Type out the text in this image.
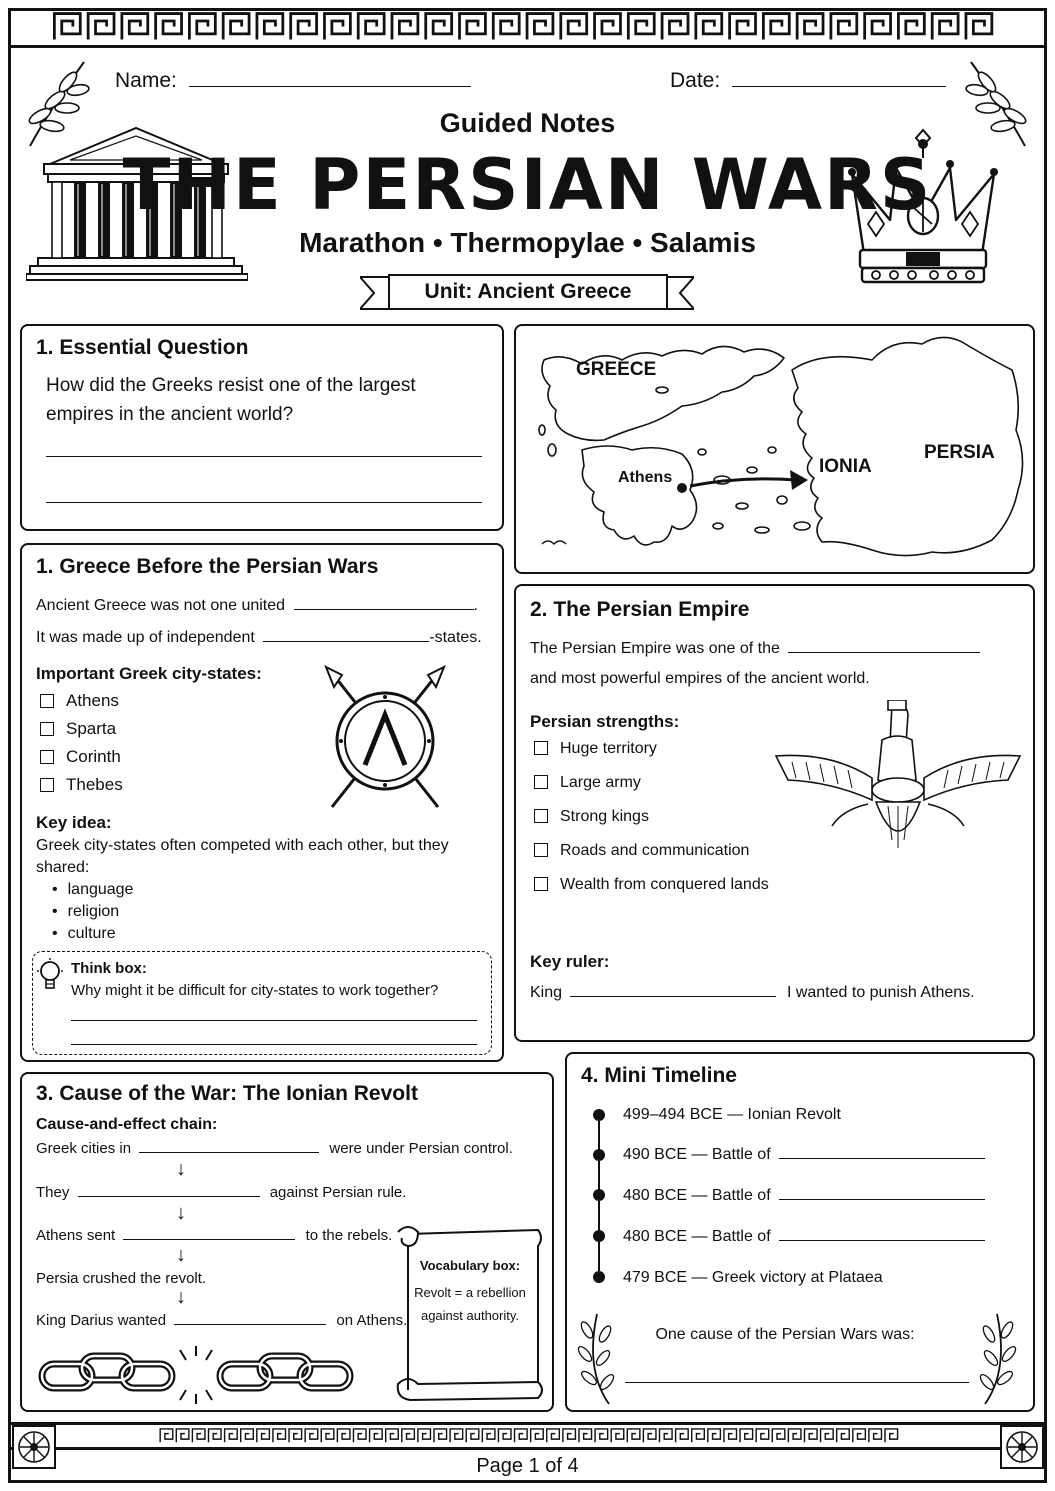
Name:	Date:
Guided Notes
THE PERSIAN WARS
Marathon • Thermopylae • Salamis
Unit: Ancient Greece
1. Essential Question
How did the Greeks resist one of the largest empires in the ancient world?
GREECE
PERSIA
IONIA
Athens
1. Greece Before the Persian Wars
Ancient Greece was not one united	.
It was made up of independent	-states.
Important Greek city-states:
Athens
Sparta
Corinth
Thebes
Key idea:
Greek city-states often competed with each other, but they shared:
• language
• religion
• culture
Think box:
Why might it be difficult for city-states to work together?
2. The Persian Empire
The Persian Empire was one of the
and most powerful empires of the ancient world.
Persian strengths:
Huge territory
Large army
Strong kings
Roads and communication
Wealth from conquered lands
Key ruler:
King	I wanted to punish Athens.
3. Cause of the War: The Ionian Revolt
Cause-and-effect chain:
Greek cities in	were under Persian control.
↓
They	against Persian rule.
↓
Athens sent	to the rebels.
↓
Persia crushed the revolt.
↓
King Darius wanted	on Athens.
Vocabulary box:
Revolt = a rebellion
against authority.
4. Mini Timeline
499–494 BCE — Ionian Revolt
490 BCE — Battle of
480 BCE — Battle of
480 BCE — Battle of
479 BCE — Greek victory at Plataea
One cause of the Persian Wars was:
Page 1 of 4
